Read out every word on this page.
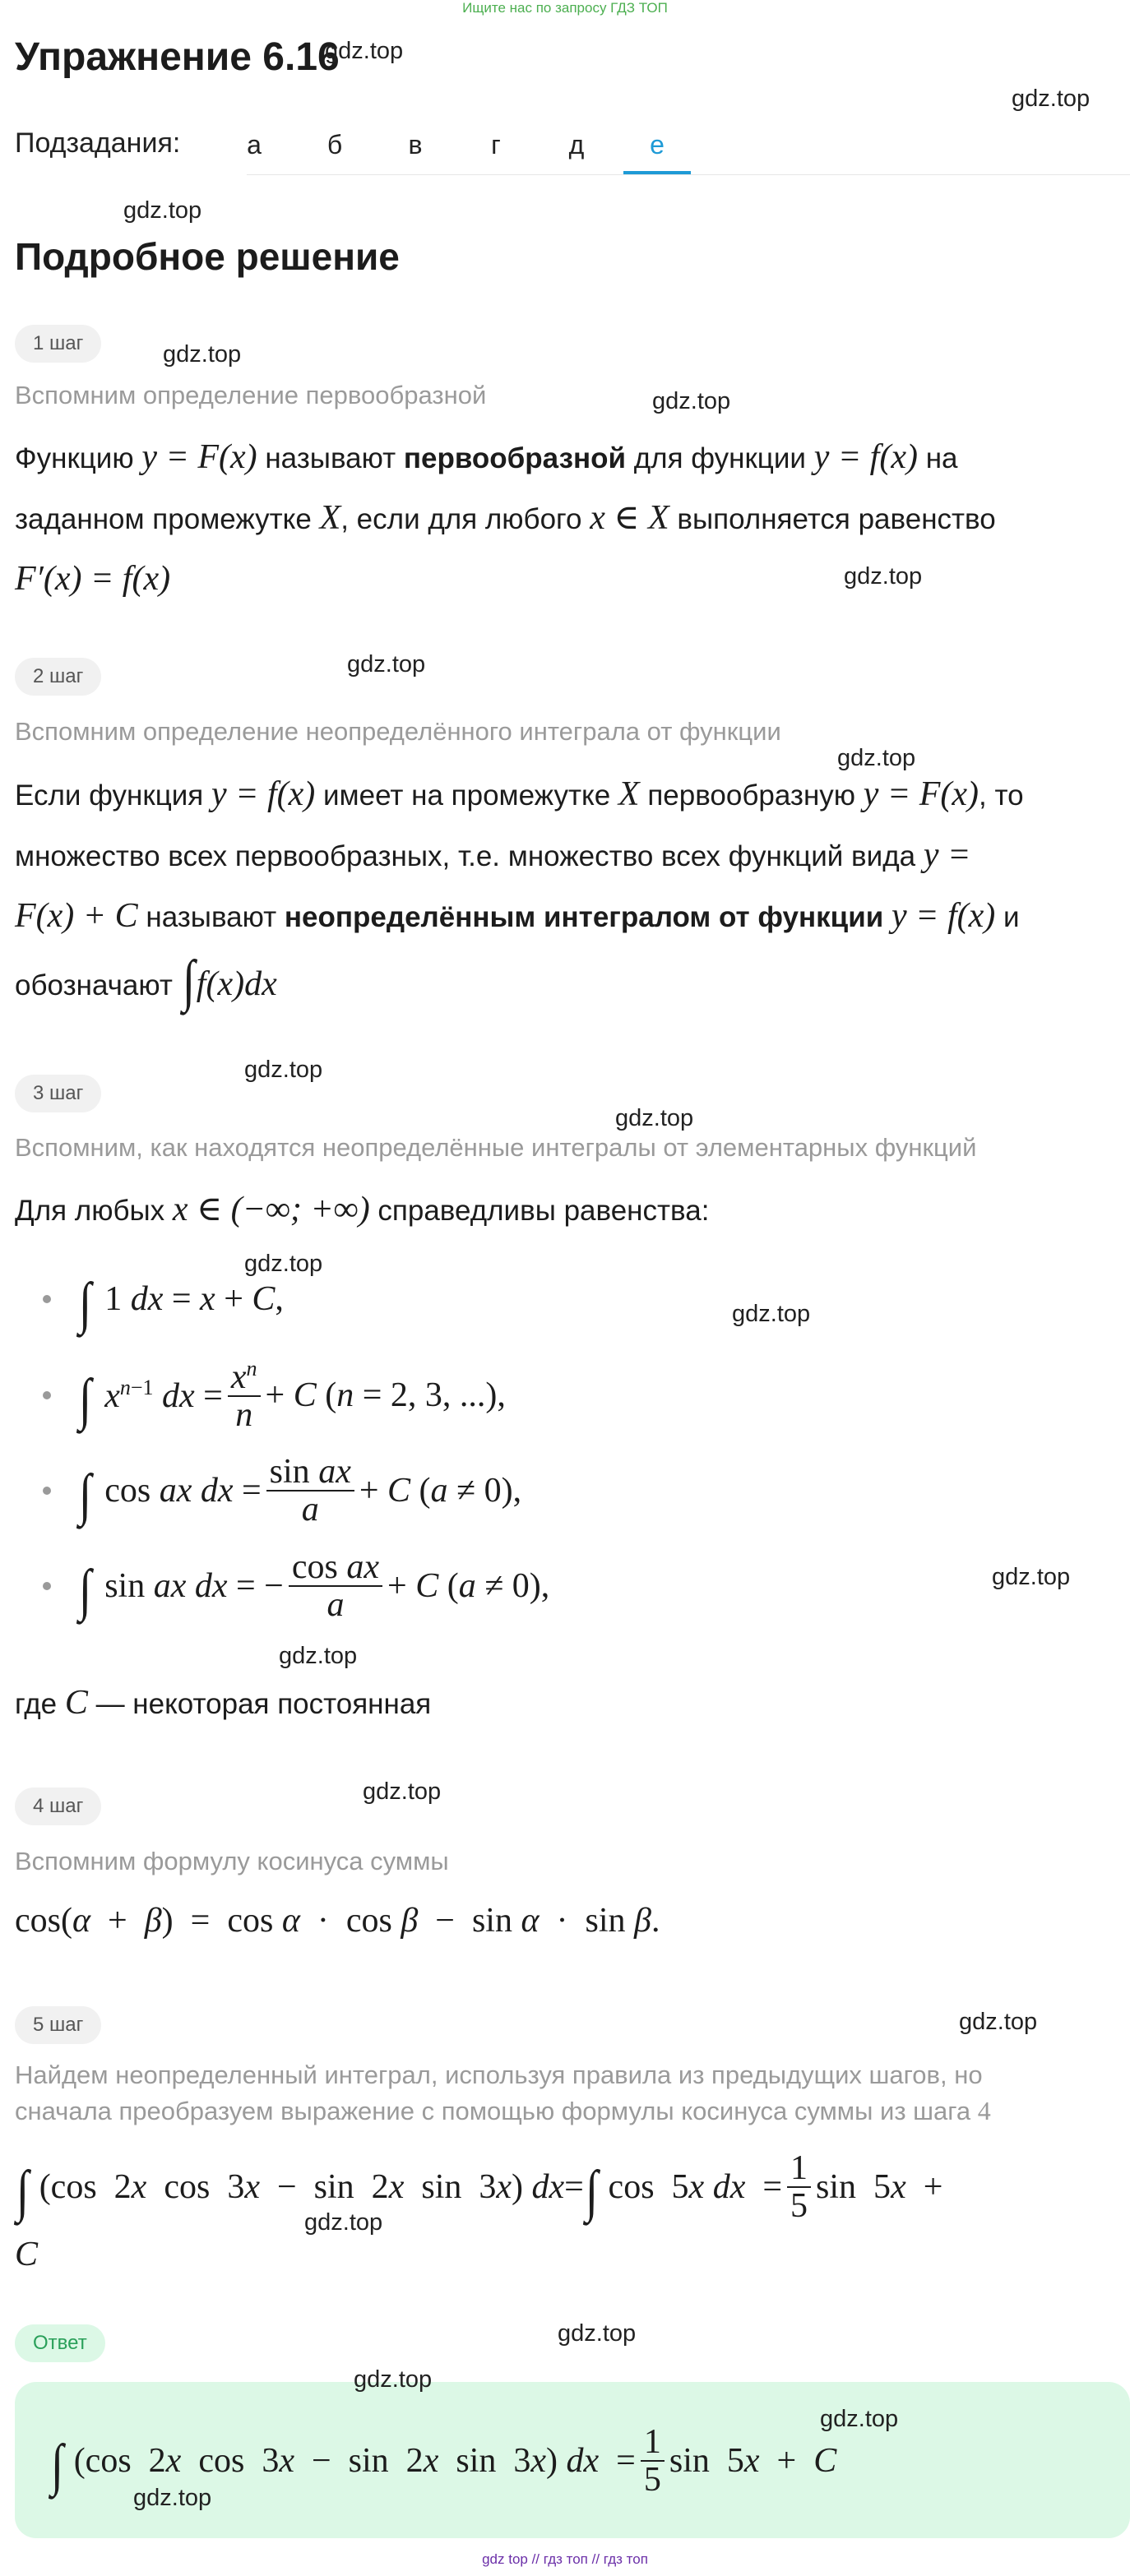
Ищите нас по запросу ГДЗ ТОП
Упражнение 6.16
Подзадания:	а	б	в	г	д	е
Подробное решение
1 шаг
Вспомним определение первообразной
Функцию y = F(x) называют первообразной для функции y = f(x) на
заданном промежутке X, если для любого x ∈ X выполняется равенство
F′(x) = f(x)
2 шаг
Вспомним определение неопределённого интеграла от функции
Если функция y = f(x) имеет на промежутке X первообразную y = F(x), то
множество всех первообразных, т.е. множество всех функций вида y =
F(x) + C называют неопределённым интегралом от функции y = f(x) и
обозначают ∫f(x)dx
3 шаг
Вспомним, как находятся неопределённые интегралы от элементарных функций
Для любых x ∈ (−∞; +∞) справедливы равенства:
∫ 1 dx = x + C,
∫ $x^{n-1}$ dx = $\frac{x^n}{n} + C$ (n = 2, 3, ...),
∫ cos ax dx = $\frac{\text{sin ax}}{a} + C$ (a ≠ 0),
∫ sin ax dx = − $\frac{\text{cos ax}}{a} + C$ (a ≠ 0),
где C — некоторая постоянная
4 шаг
Вспомним формулу косинуса суммы
cos( α + β )  =  cos α ·  cos β −  sin α ·  sin β .
5 шаг
Найдем неопределенный интеграл, используя правила из предыдущих шагов, но
сначала преобразуем выражение с помощью формулы косинуса суммы из шага 4
∫ (cos  2 x cos  3 x −  sin  2 x sin  3 x ) dx = ∫ cos  5 x
dx = $\frac{1}{5}$ sin  5 x +
C
Ответ
∫ (cos  2 x cos  3 x −  sin  2 x sin  3 x ) dx = $\frac{1}{5}$ sin  5 x + C
gdz.top
gdz.top
gdz.top
gdz.top
gdz.top
gdz.top
gdz.top
gdz.top
gdz.top
gdz.top
gdz.top
gdz.top
gdz.top
gdz.top
gdz.top
gdz.top
gdz.top
gdz.top
gdz.top
gdz.top
gdz.top
gdz top // гдз топ // гдз топ
